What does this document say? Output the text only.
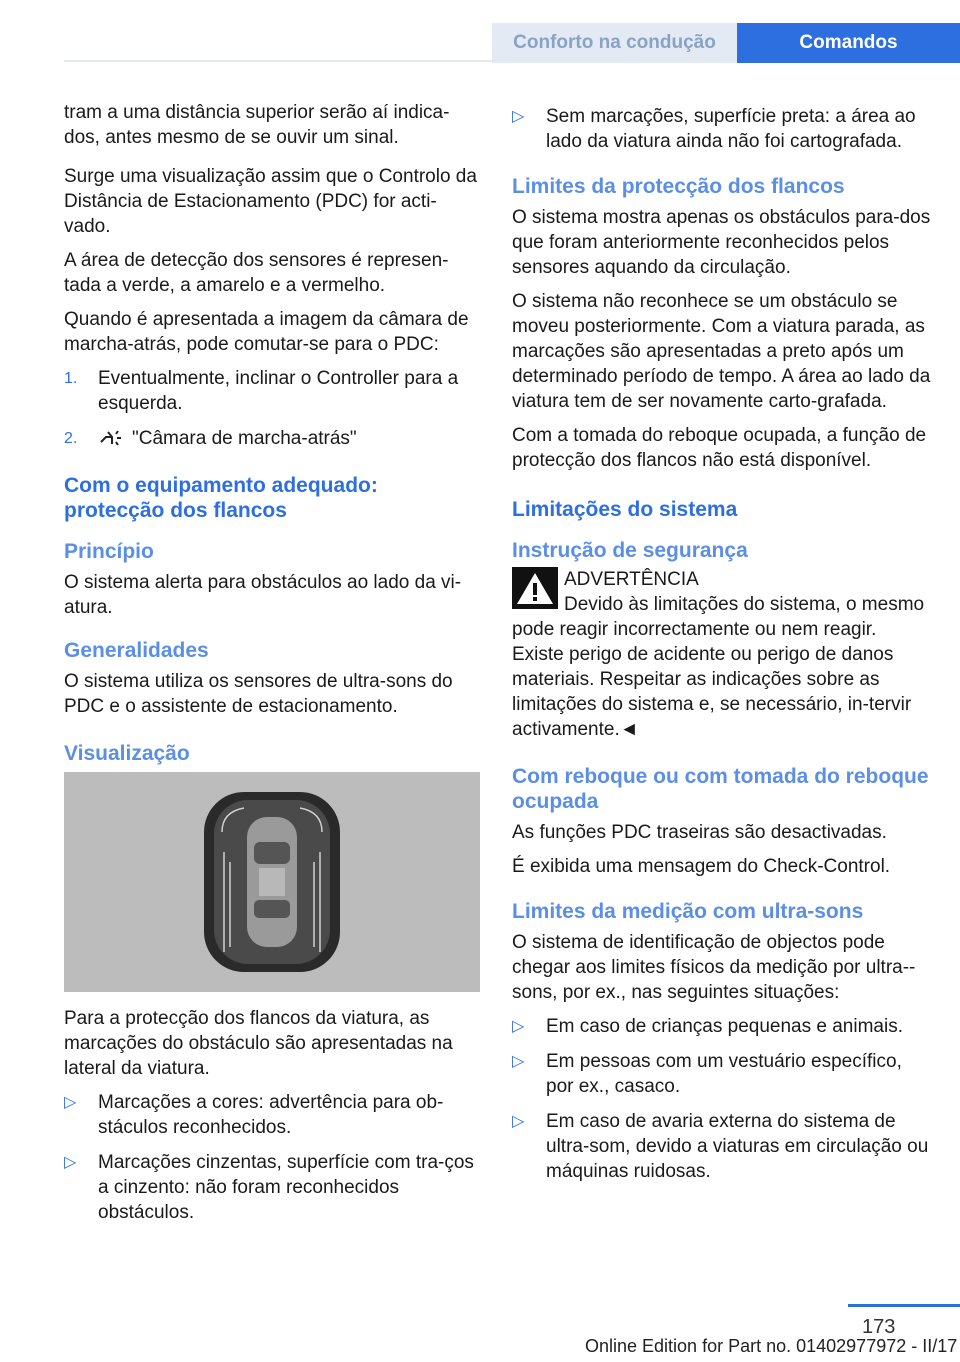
Conforto na condução	Comandos

tram a uma distância superior serão aí indica-dos, antes mesmo de se ouvir um sinal.

Surge uma visualização assim que o Controlo da Distância de Estacionamento (PDC) for acti-vado.

A área de detecção dos sensores é represen-tada a verde, a amarelo e a vermelho.

Quando é apresentada a imagem da câmara de marcha-atrás, pode comutar-se para o PDC:

1.	Eventualmente, inclinar o Controller para a esquerda.
2.	"Câmara de marcha-atrás"
Com o equipamento adequado: protecção dos flancos
Princípio

O sistema alerta para obstáculos ao lado da vi-atura.

Generalidades

O sistema utiliza os sensores de ultra-sons do PDC e o assistente de estacionamento.

Visualização

Para a protecção dos flancos da viatura, as marcações do obstáculo são apresentadas na lateral da viatura.

▷	Marcações a cores: advertência para ob-stáculos reconhecidos.
▷	Marcações cinzentas, superfície com tra-ços a cinzento: não foram reconhecidos obstáculos.
▷	Sem marcações, superfície preta: a área ao lado da viatura ainda não foi cartografada.
Limites da protecção dos flancos

O sistema mostra apenas os obstáculos para-dos que foram anteriormente reconhecidos pelos sensores aquando da circulação.

O sistema não reconhece se um obstáculo se moveu posteriormente. Com a viatura parada, as marcações são apresentadas a preto após um determinado período de tempo. A área ao lado da viatura tem de ser novamente carto-grafada.

Com a tomada do reboque ocupada, a função de protecção dos flancos não está disponível.

Limitações do sistema
Instrução de segurança
ADVERTÊNCIA

Devido às limitações do sistema, o mesmo pode reagir incorrectamente ou nem reagir. Existe perigo de acidente ou perigo de danos materiais. Respeitar as indicações sobre as limitações do sistema e, se necessário, in-tervir activamente.◄

Com reboque ou com tomada do reboque ocupada

As funções PDC traseiras são desactivadas.

É exibida uma mensagem do Check-Control.

Limites da medição com ultra-sons

O sistema de identificação de objectos pode chegar aos limites físicos da medição por ultra--sons, por ex., nas seguintes situações:

▷	Em caso de crianças pequenas e animais.
▷	Em pessoas com um vestuário específico, por ex., casaco.
▷	Em caso de avaria externa do sistema de ultra-som, devido a viaturas em circulação ou máquinas ruidosas.
173
Online Edition for Part no. 01402977972 - II/17
